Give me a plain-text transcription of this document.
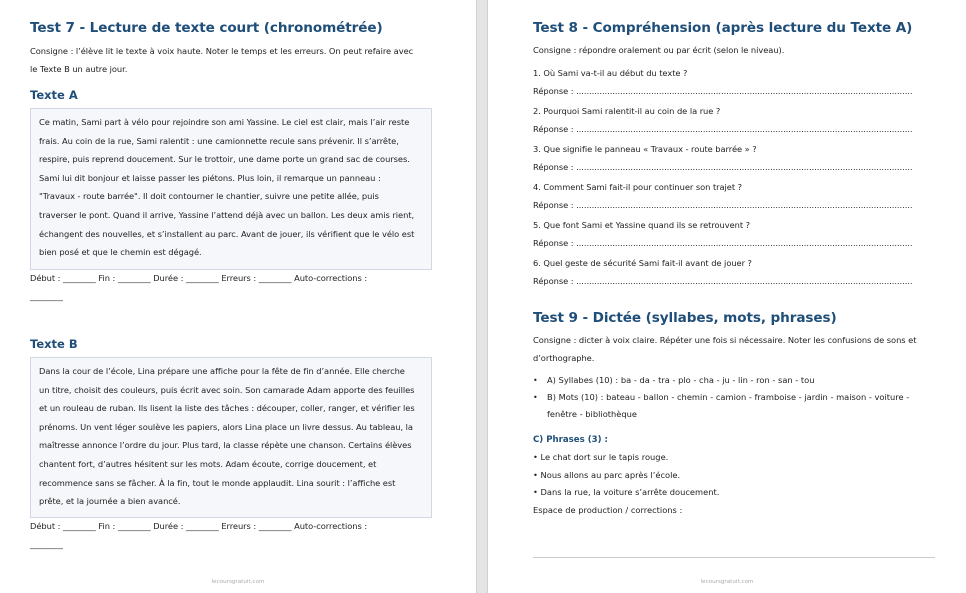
Test 7 - Lecture de texte court (chronométrée)
Consigne : l’élève lit le texte à voix haute. Noter le temps et les erreurs. On peut refaire avec
le Texte B un autre jour.
Texte A
Ce matin, Sami part à vélo pour rejoindre son ami Yassine. Le ciel est clair, mais l’air reste
frais. Au coin de la rue, Sami ralentit : une camionnette recule sans prévenir. Il s’arrête,
respire, puis reprend doucement. Sur le trottoir, une dame porte un grand sac de courses.
Sami lui dit bonjour et laisse passer les piétons. Plus loin, il remarque un panneau :
"Travaux - route barrée". Il doit contourner le chantier, suivre une petite allée, puis
traverser le pont. Quand il arrive, Yassine l’attend déjà avec un ballon. Les deux amis rient,
échangent des nouvelles, et s’installent au parc. Avant de jouer, ils vérifient que le vélo est
bien posé et que le chemin est dégagé.
Début : ________ Fin : ________ Durée : ________ Erreurs : ________ Auto-corrections :
________
Texte B
Dans la cour de l’école, Lina prépare une affiche pour la fête de fin d’année. Elle cherche
un titre, choisit des couleurs, puis écrit avec soin. Son camarade Adam apporte des feuilles
et un rouleau de ruban. Ils lisent la liste des tâches : découper, coller, ranger, et vérifier les
prénoms. Un vent léger soulève les papiers, alors Lina place un livre dessus. Au tableau, la
maîtresse annonce l’ordre du jour. Plus tard, la classe répète une chanson. Certains élèves
chantent fort, d’autres hésitent sur les mots. Adam écoute, corrige doucement, et
recommence sans se fâcher. À la fin, tout le monde applaudit. Lina sourit : l’affiche est
prête, et la journée a bien avancé.
Début : ________ Fin : ________ Durée : ________ Erreurs : ________ Auto-corrections :
________
lecoursgratuit.com
Test 8 - Compréhension (après lecture du Texte A)
Consigne : répondre oralement ou par écrit (selon le niveau).
1. Où Sami va-t-il au début du texte ?
Réponse : ..................................................................................................................................
2. Pourquoi Sami ralentit-il au coin de la rue ?
Réponse : ..................................................................................................................................
3. Que signifie le panneau « Travaux - route barrée » ?
Réponse : ..................................................................................................................................
4. Comment Sami fait-il pour continuer son trajet ?
Réponse : ..................................................................................................................................
5. Que font Sami et Yassine quand ils se retrouvent ?
Réponse : ..................................................................................................................................
6. Quel geste de sécurité Sami fait-il avant de jouer ?
Réponse : ..................................................................................................................................
Test 9 - Dictée (syllabes, mots, phrases)
Consigne : dicter à voix claire. Répéter une fois si nécessaire. Noter les confusions de sons et
d’orthographe.
• A) Syllabes (10) : ba - da - tra - plo - cha - ju - lin - ron - san - tou
• B) Mots (10) : bateau - ballon - chemin - camion - framboise - jardin - maison - voiture -
fenêtre - bibliothèque
C) Phrases (3) :
• Le chat dort sur le tapis rouge.
• Nous allons au parc après l’école.
• Dans la rue, la voiture s’arrête doucement.
Espace de production / corrections :
lecoursgratuit.com
